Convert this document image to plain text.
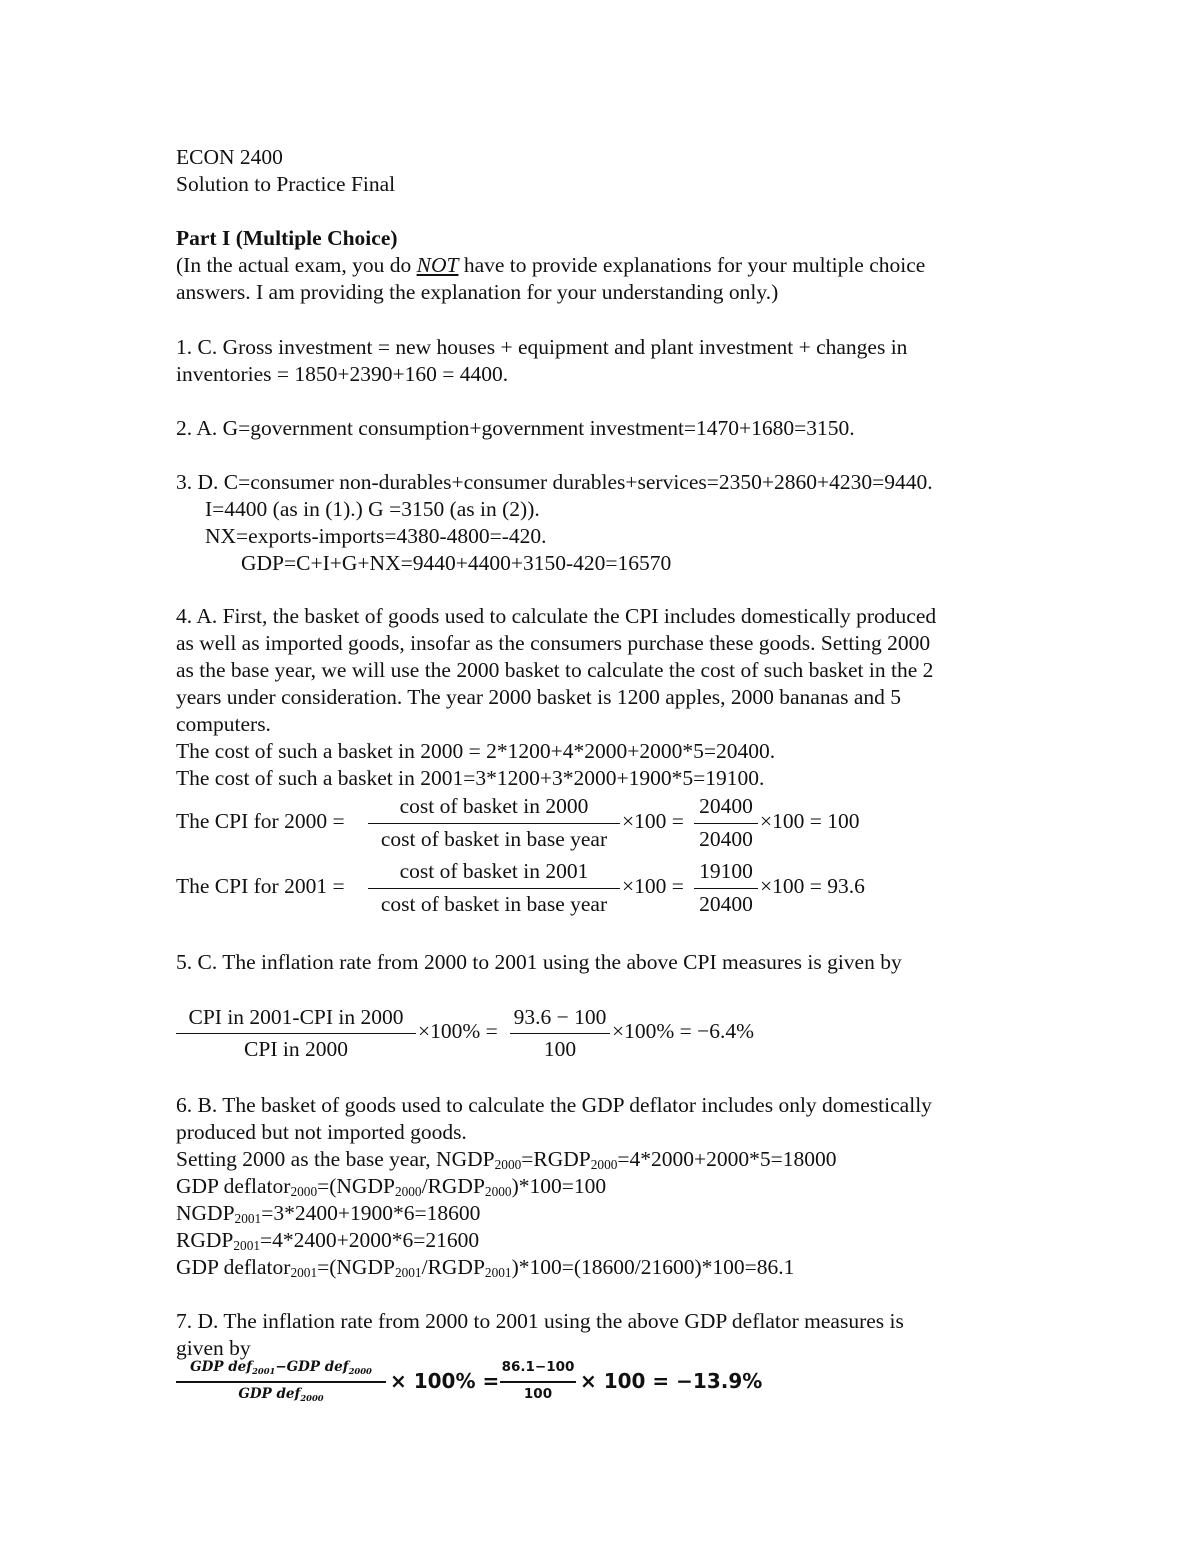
ECON 2400
Solution to Practice Final
Part I (Multiple Choice)
(In the actual exam, you do NOT have to provide explanations for your multiple choice
answers. I am providing the explanation for your understanding only.)
1. C. Gross investment = new houses + equipment and plant investment + changes in
inventories = 1850+2390+160 = 4400.
2. A. G=government consumption+government investment=1470+1680=3150.
3. D. C=consumer non-durables+consumer durables+services=2350+2860+4230=9440.
I=4400 (as in (1).) G =3150 (as in (2)).
NX=exports-imports=4380-4800=-420.
GDP=C+I+G+NX=9440+4400+3150-420=16570
4. A. First, the basket of goods used to calculate the CPI includes domestically produced
as well as imported goods, insofar as the consumers purchase these goods. Setting 2000
as the base year, we will use the 2000 basket to calculate the cost of such basket in the 2
years under consideration. The year 2000 basket is 1200 apples, 2000 bananas and 5
computers.
The cost of such a basket in 2000 = 2*1200+4*2000+2000*5=20400.
The cost of such a basket in 2001=3*1200+3*2000+1900*5=19100.
The CPI for 2000 =
cost of basket in 2000
cost of basket in base year
×100 =
20400
20400
×100 = 100
The CPI for 2001 =
cost of basket in 2001
cost of basket in base year
×100 =
19100
20400
×100 = 93.6
5. C. The inflation rate from 2000 to 2001 using the above CPI measures is given by
CPI in 2001-CPI in 2000
CPI in 2000
×100% =
93.6 − 100
100
×100% = −6.4%
6. B. The basket of goods used to calculate the GDP deflator includes only domestically
produced but not imported goods.
Setting 2000 as the base year, $NGDP_{2000}=RGDP_{2000}=4*2000+2000*5=18000$
GDP $deflator_{2000}=(NGDP_{2000}/RGDP_{2000})*100=100$
$NGDP_{2001}=3*2400+1900*6=18600$
$RGDP_{2001}=4*2400+2000*6=21600$
GDP $deflator_{2001}=(NGDP_{2001}/RGDP_{2001})*100=(18600/21600)*100=86.1$
7. D. The inflation rate from 2000 to 2001 using the above GDP deflator measures is
given by
GDP def$_{2001}$−GDP def$_{2000}$
GDP def$_{2000}$
× 100% =
86.1−100
100
× 100 = −13.9%
